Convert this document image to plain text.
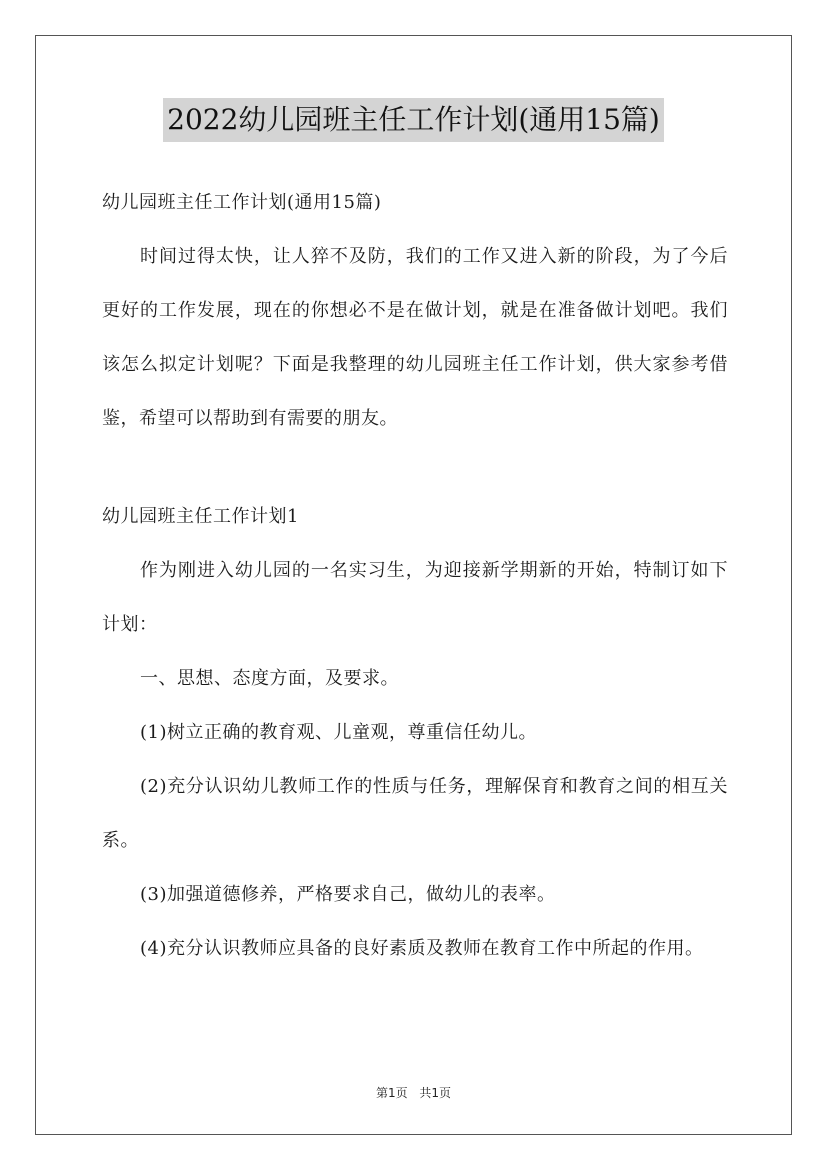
2022幼儿园班主任工作计划(通用15篇)

幼儿园班主任工作计划(通用15篇)

时间过得太快，让人猝不及防，我们的工作又进入新的阶段，为了今后更好的工作发展，现在的你想必不是在做计划，就是在准备做计划吧。我们该怎么拟定计划呢？下面是我整理的幼儿园班主任工作计划，供大家参考借鉴，希望可以帮助到有需要的朋友。

幼儿园班主任工作计划1

作为刚进入幼儿园的一名实习生，为迎接新学期新的开始，特制订如下计划：

一、思想、态度方面，及要求。

(1)树立正确的教育观、儿童观，尊重信任幼儿。

(2)充分认识幼儿教师工作的性质与任务，理解保育和教育之间的相互关系。

(3)加强道德修养，严格要求自己，做幼儿的表率。

(4)充分认识教师应具备的良好素质及教师在教育工作中所起的作用。

第1页 共1页
